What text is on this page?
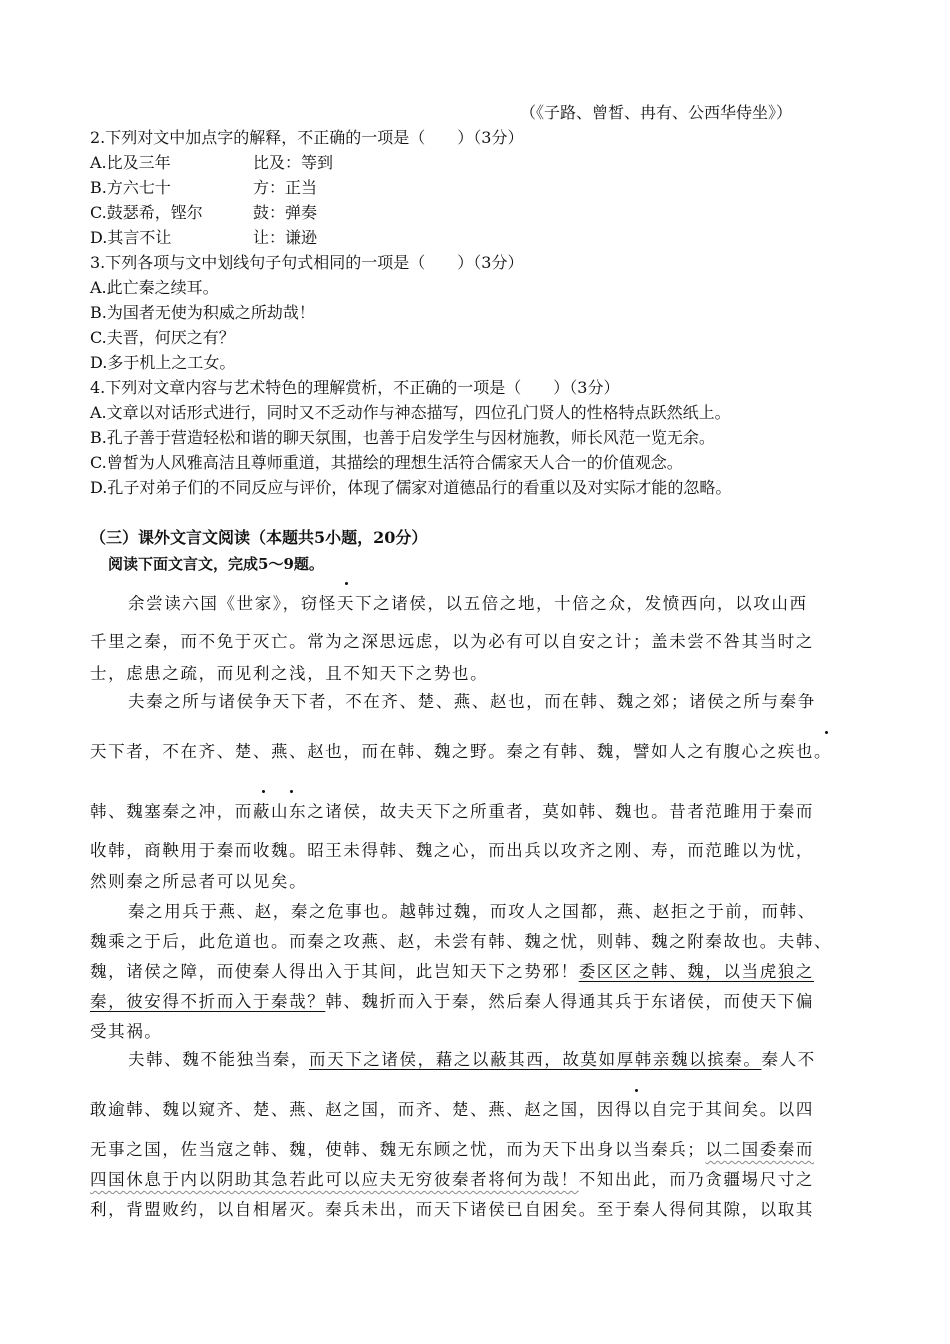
（《子路、曾皙、冉有、公西华侍坐》）
2.下列对文中加点字的解释，不正确的一项是（　　）（3分）
A.比及三年	比及：等到
B.方六七十	方：正当
C.鼓瑟希，铿尔	鼓：弹奏
D.其言不让	让：谦逊
3.下列各项与文中划线句子句式相同的一项是（　　）（3分）
A.此亡秦之续耳。
B.为国者无使为积威之所劫哉！
C.夫晋，何厌之有？
D.多于机上之工女。
4.下列对文章内容与艺术特色的理解赏析，不正确的一项是（　　）（3分）
A.文章以对话形式进行，同时又不乏动作与神态描写，四位孔门贤人的性格特点跃然纸上。
B.孔子善于营造轻松和谐的聊天氛围，也善于启发学生与因材施教，师长风范一览无余。
C.曾皙为人风雅高洁且尊师重道，其描绘的理想生活符合儒家天人合一的价值观念。
D.孔子对弟子们的不同反应与评价，体现了儒家对道德品行的看重以及对实际才能的忽略。
（三）课外文言文阅读（本题共5小题，20分）
阅读下面文言文，完成5～9题。
余尝读六国《世家》，窃怪天下之诸侯，以五倍之地，十倍之众，发愤西向，以攻山西
千里之秦，而不免于灭亡。常为之深思远虑，以为必有可以自安之计；盖未尝不咎其当时之
士，虑患之疏，而见利之浅，且不知天下之势也。
夫秦之所与诸侯争天下者，不在齐、楚、燕、赵也，而在韩、魏之郊；诸侯之所与秦争
天下者，不在齐、楚、燕、赵也，而在韩、魏之野。秦之有韩、魏，譬如人之有腹心之疾也。
韩、魏塞秦之冲，而蔽山东之诸侯，故夫天下之所重者，莫如韩、魏也。昔者范雎用于秦而
收韩，商鞅用于秦而收魏。昭王未得韩、魏之心，而出兵以攻齐之刚、寿，而范雎以为忧，
然则秦之所忌者可以见矣。
秦之用兵于燕、赵，秦之危事也。越韩过魏，而攻人之国都，燕、赵拒之于前，而韩、
魏乘之于后，此危道也。而秦之攻燕、赵，未尝有韩、魏之忧，则韩、魏之附秦故也。夫韩、
魏，诸侯之障，而使秦人得出入于其间，此岂知天下之势邪！委区区之韩、魏，以当虎狼之
秦，彼安得不折而入于秦哉？韩、魏折而入于秦，然后秦人得通其兵于东诸侯，而使天下偏
受其祸。
夫韩、魏不能独当秦，而天下之诸侯，藉之以蔽其西，故莫如厚韩亲魏以摈秦。秦人不
敢逾韩、魏以窥齐、楚、燕、赵之国，而齐、楚、燕、赵之国，因得以自完于其间矣。以四
无事之国，佐当寇之韩、魏，使韩、魏无东顾之忧，而为天下出身以当秦兵；以二国委秦而
四国休息于内以阴助其急若此可以应夫无穷彼秦者将何为哉！不知出此，而乃贪疆埸尺寸之
利，背盟败约，以自相屠灭。秦兵未出，而天下诸侯已自困矣。至于秦人得伺其隙，以取其
